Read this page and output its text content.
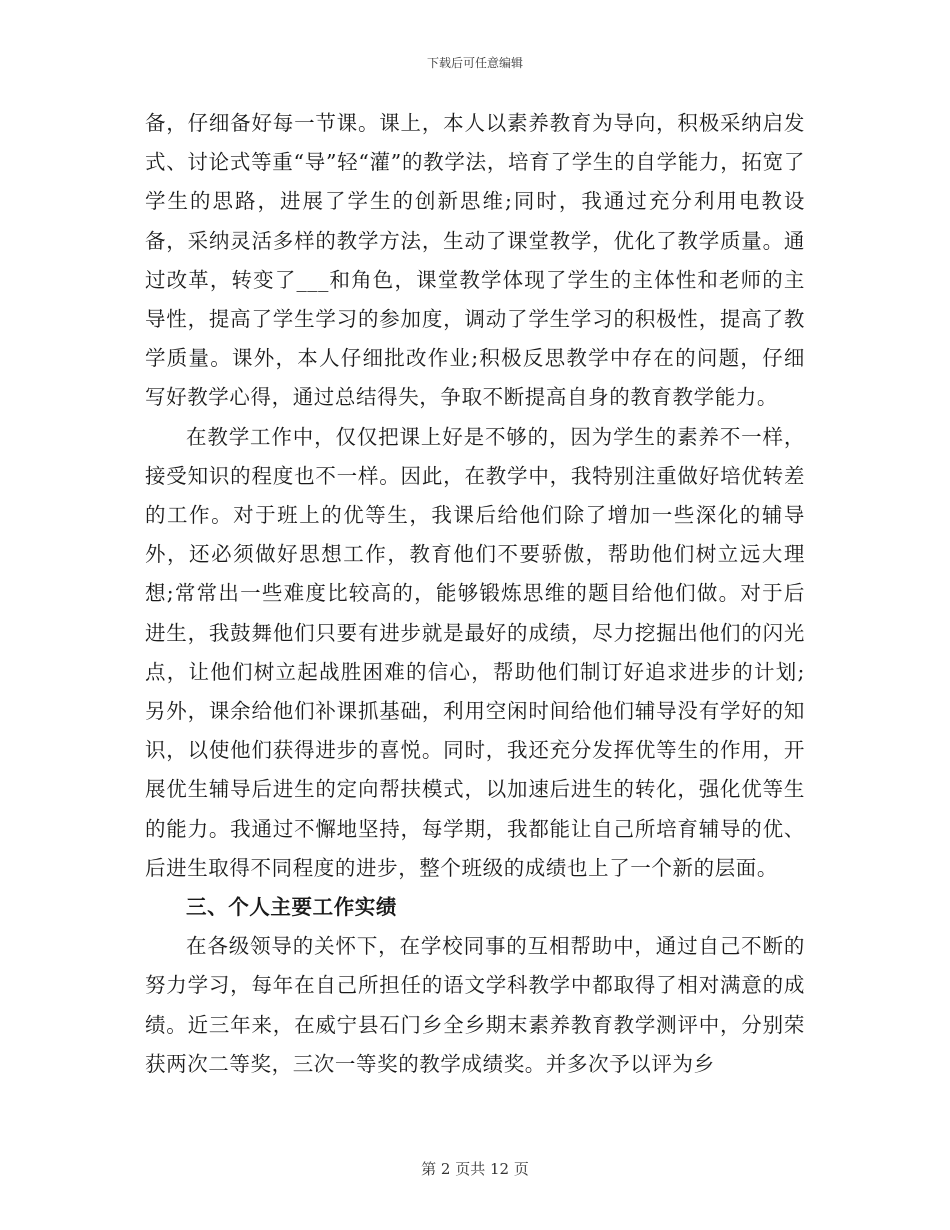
下载后可任意编辑

备，仔细备好每一节课。课上，本人以素养教育为导向，积极采纳启发式、讨论式等重“导”轻“灌”的教学法，培育了学生的自学能力，拓宽了学生的思路，进展了学生的创新思维;同时，我通过充分利用电教设备，采纳灵活多样的教学方法，生动了课堂教学，优化了教学质量。通过改革，转变了___和角色，课堂教学体现了学生的主体性和老师的主导性，提高了学生学习的参加度，调动了学生学习的积极性，提高了教学质量。课外，本人仔细批改作业;积极反思教学中存在的问题，仔细写好教学心得，通过总结得失，争取不断提高自身的教育教学能力。

在教学工作中，仅仅把课上好是不够的，因为学生的素养不一样，接受知识的程度也不一样。因此，在教学中，我特别注重做好培优转差的工作。对于班上的优等生，我课后给他们除了增加一些深化的辅导外，还必须做好思想工作，教育他们不要骄傲，帮助他们树立远大理想;常常出一些难度比较高的，能够锻炼思维的题目给他们做。对于后进生，我鼓舞他们只要有进步就是最好的成绩，尽力挖掘出他们的闪光点，让他们树立起战胜困难的信心，帮助他们制订好追求进步的计划;另外，课余给他们补课抓基础，利用空闲时间给他们辅导没有学好的知识，以使他们获得进步的喜悦。同时，我还充分发挥优等生的作用，开展优生辅导后进生的定向帮扶模式，以加速后进生的转化，强化优等生的能力。我通过不懈地坚持，每学期，我都能让自己所培育辅导的优、后进生取得不同程度的进步，整个班级的成绩也上了一个新的层面。

三、个人主要工作实绩

在各级领导的关怀下，在学校同事的互相帮助中，通过自己不断的努力学习，每年在自己所担任的语文学科教学中都取得了相对满意的成绩。近三年来，在威宁县石门乡全乡期末素养教育教学测评中，分别荣获两次二等奖，三次一等奖的教学成绩奖。并多次予以评为乡

第 2 页共 12 页
